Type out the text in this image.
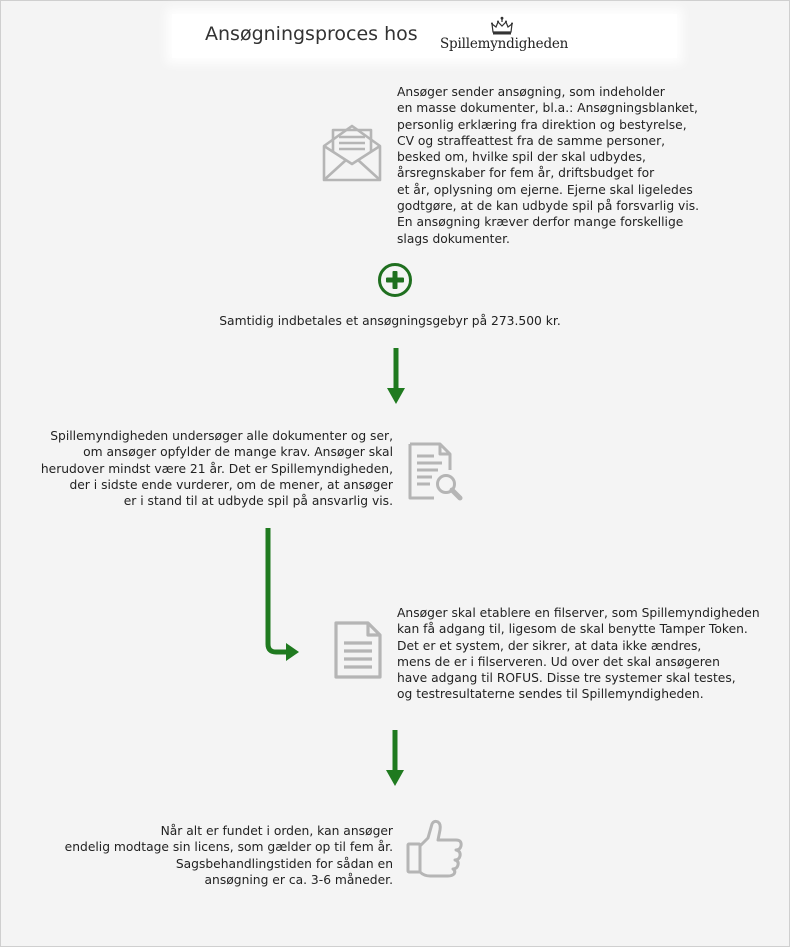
Ansøgningsproces hos Spillemyndigheden
Ansøger sender ansøgning, som indeholder
en masse dokumenter, bl.a.: Ansøgningsblanket,
personlig erklæring fra direktion og bestyrelse,
CV og straffeattest fra de samme personer,
besked om, hvilke spil der skal udbydes,
årsregnskaber for fem år, driftsbudget for
et år, oplysning om ejerne. Ejerne skal ligeledes
godtgøre, at de kan udbyde spil på forsvarlig vis.
En ansøgning kræver derfor mange forskellige
slags dokumenter.
Samtidig indbetales et ansøgningsgebyr på 273.500 kr.
Spillemyndigheden undersøger alle dokumenter og ser,
om ansøger opfylder de mange krav. Ansøger skal
herudover mindst være 21 år. Det er Spillemyndigheden,
der i sidste ende vurderer, om de mener, at ansøger
er i stand til at udbyde spil på ansvarlig vis.
Ansøger skal etablere en filserver, som Spillemyndigheden
kan få adgang til, ligesom de skal benytte Tamper Token.
Det er et system, der sikrer, at data ikke ændres,
mens de er i filserveren. Ud over det skal ansøgeren
have adgang til ROFUS. Disse tre systemer skal testes,
og testresultaterne sendes til Spillemyndigheden.
Når alt er fundet i orden, kan ansøger
endelig modtage sin licens, som gælder op til fem år.
Sagsbehandlingstiden for sådan en
ansøgning er ca. 3-6 måneder.
